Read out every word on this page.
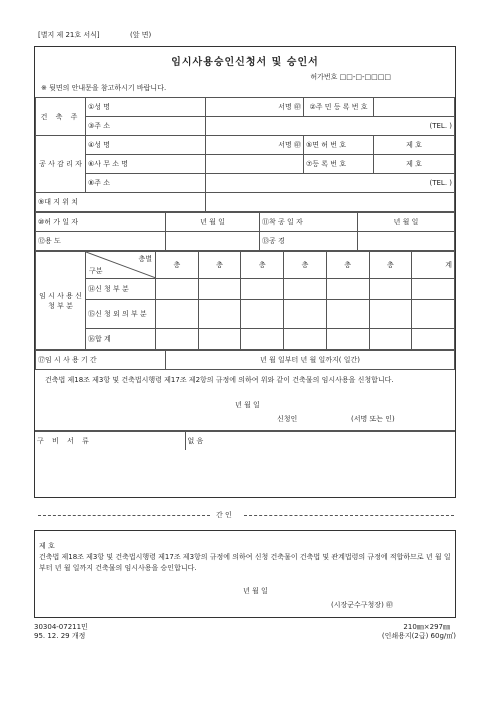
[별지 제 21호 서식]	(앞 면)
임시사용승인신청서 및 승인서
허가번호 □□-□-□□□□
※ 뒷면의 안내문을 참고하시기 바랍니다.
건 축 주	①성 명	서명 ㊞	②주 민 등 록 번 호	
	③주 소	(TEL. )		
공 사 감 리 자	④성 명	서명 ㊞	⑤면 허 번 호	제 호
	⑥사 무 소 명		⑦등 록 번 호	제 호
	⑧주 소	(TEL. )		
⑨대 지 위 치				
⑩허 가 일 자	년 월 일	⑪착 공 일 자	년 월 일
⑫용 도		⑬공 경	
임 시 사 용 신 청 부 분	층별
구분	층	층	층	층	층	층	계
	⑭신 청 부 분							
	⑮신 청 외 의 부 분							
	⑯합 계							
⑰임 시 사 용 기 간	년 월 일부터 년 월 일까지( 일간)
건축법 제18조 제3항 및 건축법시행령 제17조 제2항의 규정에 의하여 위와 같이 건축물의 임시사용을 신청합니다.
년 월 일
신청인	(서명 또는 인)
구 비 서 류	없 음
간 인
제 호
건축법 제18조 제3항 및 건축법시행령 제17조 제3항의 규정에 의하여 신청 건축물이 건축법 및 관계법령의 규정에 적합하므로 년 월 일부터 년 월 일까지 건축물의 임시사용을 승인합니다.
년 월 일
(시장군수구청장) ㊞
30304-07211민
95. 12. 29 개정
210㎜×297㎜
(인쇄용지(2급) 60g/㎡)
